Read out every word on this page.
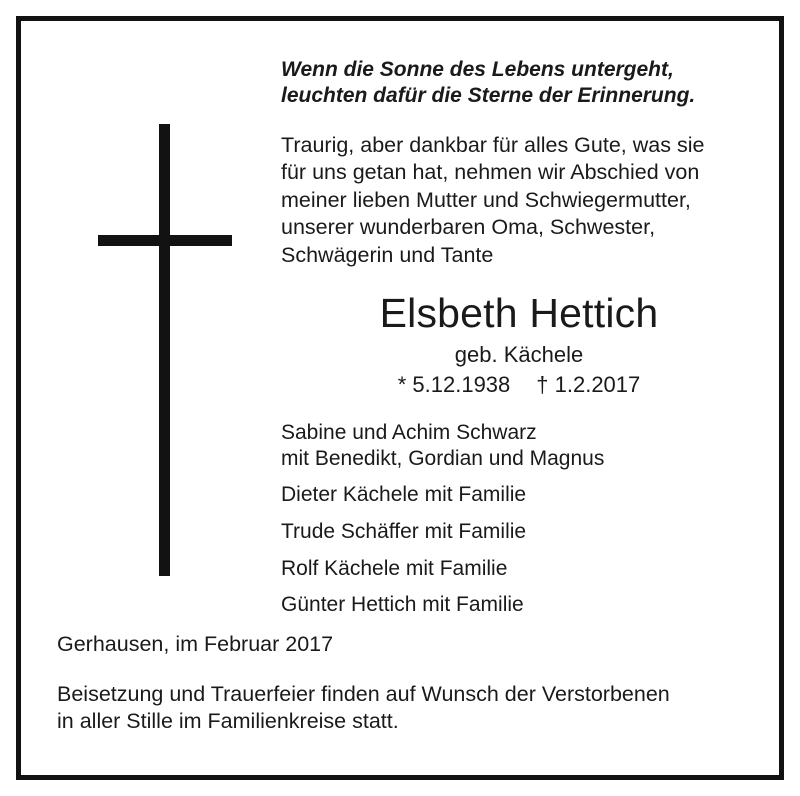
Wenn die Sonne des Lebens untergeht,
leuchten dafür die Sterne der Erinnerung.
Traurig, aber dankbar für alles Gute, was sie
für uns getan hat, nehmen wir Abschied von
meiner lieben Mutter und Schwiegermutter,
unserer wunderbaren Oma, Schwester,
Schwägerin und Tante
Elsbeth Hettich
geb. Kächele
* 5.12.1938 † 1.2.2017
Sabine und Achim Schwarz
mit Benedikt, Gordian und Magnus
Dieter Kächele mit Familie
Trude Schäffer mit Familie
Rolf Kächele mit Familie
Günter Hettich mit Familie
Gerhausen, im Februar 2017
Beisetzung und Trauerfeier finden auf Wunsch der Verstorbenen
in aller Stille im Familienkreise statt.
